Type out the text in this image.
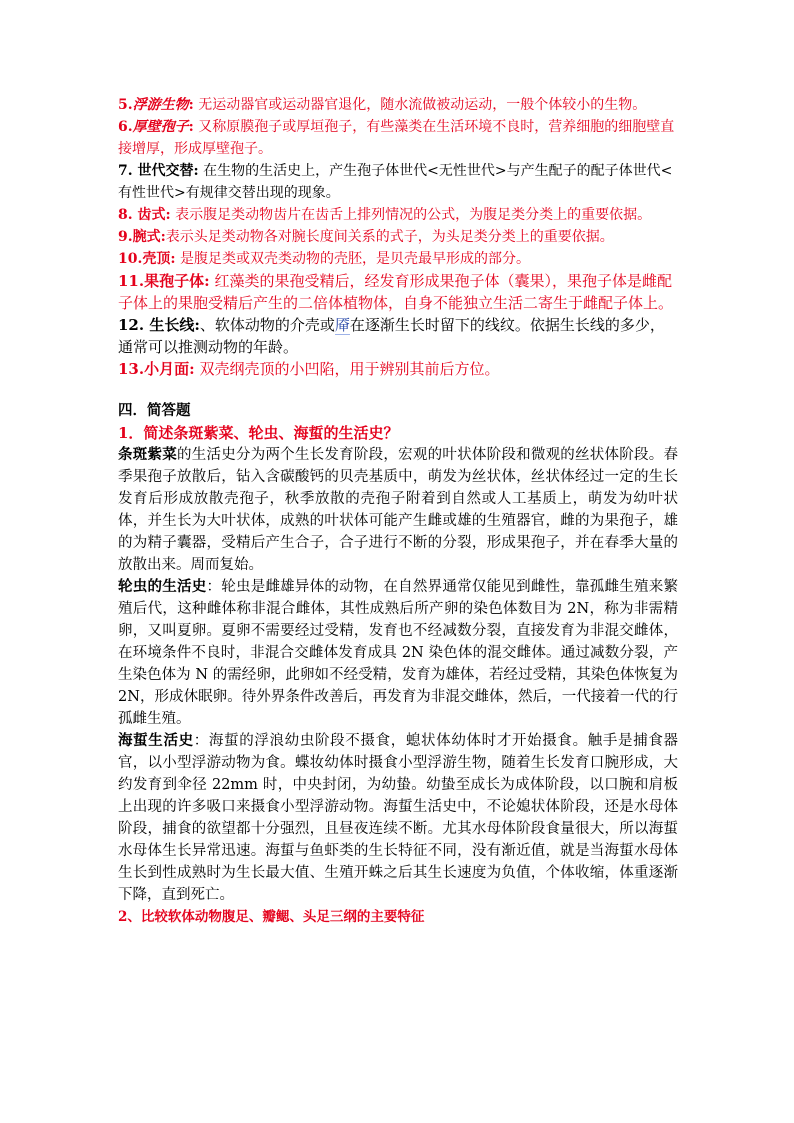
5.浮游生物: 无运动器官或运动器官退化，随水流做被动运动，一般个体较小的生物。

6.厚壁孢子: 又称原膜孢子或厚垣孢子，有些藻类在生活环境不良时，营养细胞的细胞壁直接增厚，形成厚壁孢子。

7. 世代交替: 在生物的生活史上，产生孢子体世代<无性世代>与产生配子的配子体世代<有性世代>有规律交替出现的现象。

8. 齿式: 表示腹足类动物齿片在齿舌上排列情况的公式，为腹足类分类上的重要依据。

9.腕式:表示头足类动物各对腕长度间关系的式子，为头足类分类上的重要依据。

10.壳顶: 是腹足类或双壳类动物的壳胚，是贝壳最早形成的部分。

11.果孢子体: 红藻类的果孢受精后，经发育形成果孢子体（囊果），果孢子体是雌配子体上的果胞受精后产生的二倍体植物体，自身不能独立生活二寄生于雌配子体上。

12. 生长线:、软体动物的介壳或厣在逐渐生长时留下的线纹。依据生长线的多少，通常可以推测动物的年龄。

13.小月面: 双壳纲壳顶的小凹陷，用于辨别其前后方位。

四．简答题

1．简述条斑紫菜、轮虫、海蜇的生活史？

条斑紫菜的生活史分为两个生长发育阶段，宏观的叶状体阶段和微观的丝状体阶段。春季果孢子放散后，钻入含碳酸钙的贝壳基质中，萌发为丝状体，丝状体经过一定的生长发育后形成放散壳孢子，秋季放散的壳孢子附着到自然或人工基质上，萌发为幼叶状体，并生长为大叶状体，成熟的叶状体可能产生雌或雄的生殖器官，雌的为果孢子，雄的为精子囊器，受精后产生合子，合子进行不断的分裂，形成果孢子，并在春季大量的放散出来。周而复始。

轮虫的生活史：轮虫是雌雄异体的动物，在自然界通常仅能见到雌性，靠孤雌生殖来繁殖后代，这种雌体称非混合雌体，其性成熟后所产卵的染色体数目为 2N，称为非需精卵，又叫夏卵。夏卵不需要经过受精，发育也不经减数分裂，直接发育为非混交雌体，在环境条件不良时，非混合交雌体发育成具 2N 染色体的混交雌体。通过减数分裂，产生染色体为 N 的需经卵，此卵如不经受精，发育为雄体，若经过受精，其染色体恢复为 2N，形成休眠卵。待外界条件改善后，再发育为非混交雌体，然后，一代接着一代的行孤雌生殖。

海蜇生活史：海蜇的浮浪幼虫阶段不摄食，螅状体幼体时才开始摄食。触手是捕食器官，以小型浮游动物为食。蝶妆幼体时摄食小型浮游生物，随着生长发育口腕形成，大约发育到伞径 22mm 时，中央封闭，为幼蛰。幼蛰至成长为成体阶段，以口腕和肩板上出现的许多吸口来摄食小型浮游动物。海蜇生活史中，不论媳状体阶段，还是水母体阶段，捕食的欲望都十分强烈，且昼夜连续不断。尤其水母体阶段食量很大，所以海蜇水母体生长异常迅速。海蜇与鱼虾类的生长特征不同，没有渐近值，就是当海蜇水母体生长到性成熟时为生长最大值、生殖开蛛之后其生长速度为负值，个体收缩，体重逐渐下降，直到死亡。

2、比较软体动物腹足、瓣鳃、头足三纲的主要特征
